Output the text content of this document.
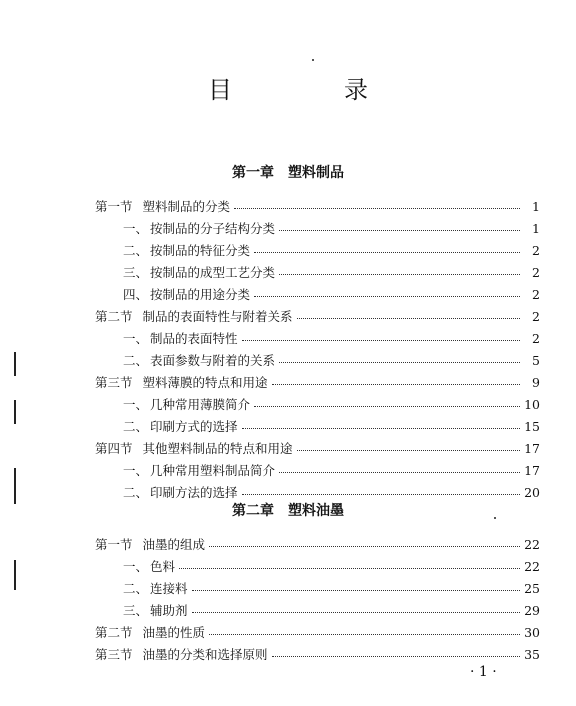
目　录
第一章 塑料制品
第一节 塑料制品的分类	1
一、 按制品的分子结构分类	1
二、 按制品的特征分类	2
三、 按制品的成型工艺分类	2
四、 按制品的用途分类	2
第二节 制品的表面特性与附着关系	2
一、 制品的表面特性	2
二、 表面参数与附着的关系	5
第三节 塑料薄膜的特点和用途	9
一、 几种常用薄膜简介	10
二、 印刷方式的选择	15
第四节 其他塑料制品的特点和用途	17
一、 几种常用塑料制品简介	17
二、 印刷方法的选择	20
第二章 塑料油墨
第一节 油墨的组成	22
一、 色料	22
二、 连接料	25
三、 辅助剂	29
第二节 油墨的性质	30
第三节 油墨的分类和选择原则	35
· 1 ·
